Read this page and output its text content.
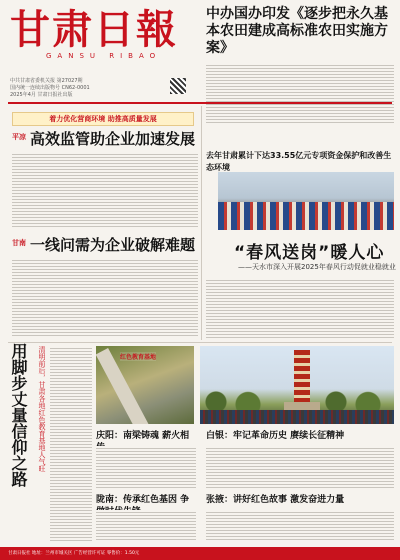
甘肃日報
GANSU RIBAO
中共甘肃省委机关报 第27027期
国内统一连续出版物号 CN62-0001
2025年4月 甘肃日报社出版
中办国办印发《逐步把永久基本农田建成高标准农田实施方案》
去年甘肃累计下达33.55亿元专项资金保护和改善生态环境
着力优化营商环境 助推高质量发展
平凉 高效监管助企业加速发展
甘南 一线问需为企业破解难题 “春风送岗”暖人心
——天水市深入开展2025年春风行动促就业稳就业
用脚步丈量信仰之路 清明前后，甘肃各地红色教育基地人气旺	红色教育基地
庆阳：南梁铸魂 薪火相	白银：牢记革命历史 赓续长征精神
陇南：传承红色基因 争	张掖：讲好红色故事 激发奋进力量
甘肃日报社 地址：兰州市城关区 广告经营许可证 零售价：1.50元
